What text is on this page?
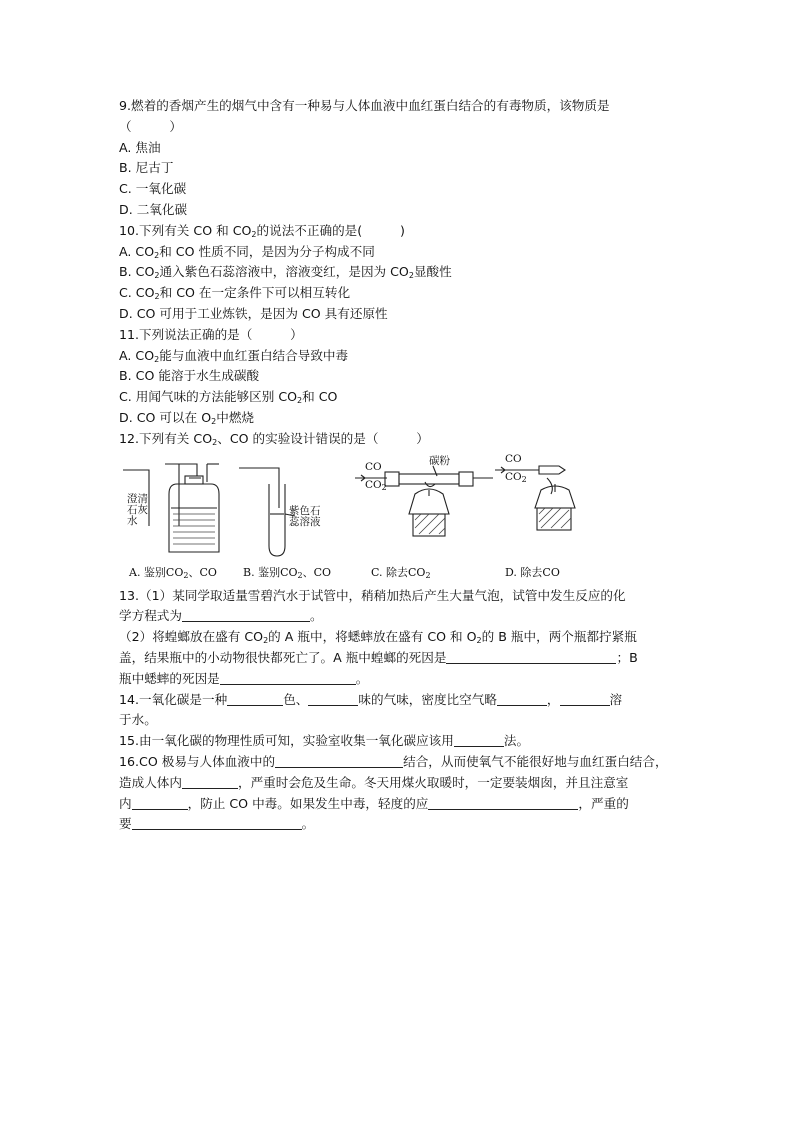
9.燃着的香烟产生的烟气中含有一种易与人体血液中血红蛋白结合的有毒物质，该物质是
（　　　）
A. 焦油
B. 尼古丁
C. 一氧化碳
D. 二氧化碳
10.下列有关 CO 和 $CO_2$的说法不正确的是(　　　)
A. $CO_2$和 CO 性质不同，是因为分子构成不同
B. $CO_2$通入紫色石蕊溶液中，溶液变红，是因为 $CO_2$显酸性
C. $CO_2$和 CO 在一定条件下可以相互转化
D. CO 可用于工业炼铁，是因为 CO 具有还原性
11.下列说法正确的是（　　　）
A. $CO_2$能与血液中血红蛋白结合导致中毒
B. CO 能溶于水生成碳酸
C. 用闻气味的方法能够区别 $CO_2$和 CO
D. CO 可以在 $O_2$中燃烧
12.下列有关 $CO_2$、CO 的实验设计错误的是（　　　）
澄清
石灰
水
紫色石
蕊溶液
碳粉
CO
$CO_2$
CO
$CO_2$
A. 鉴别$CO_2$、CO B. 鉴别$CO_2$、CO	C. 除去$CO_2$	D. 除去CO
13.（1）某同学取适量雪碧汽水于试管中，稍稍加热后产生大量气泡，试管中发生反应的化
学方程式为	。
（2）将蝗螂放在盛有 $CO_2$的 A 瓶中，将蟋蟀放在盛有 CO 和 $O_2$的 B 瓶中，两个瓶都拧紧瓶
盖，结果瓶中的小动物很快都死亡了。A 瓶中蝗螂的死因是	；B
瓶中蟋蟀的死因是	。
14.一氧化碳是一种	色、	味的气味，密度比空气略	，	溶
于水。
15.由一氧化碳的物理性质可知，实验室收集一氧化碳应该用	法。
16.CO 极易与人体血液中的	结合，从而使氧气不能很好地与血红蛋白结合，
造成人体内	，严重时会危及生命。冬天用煤火取暖时，一定要装烟囱，并且注意室
内	，防止 CO 中毒。如果发生中毒，轻度的应	，严重的
要	。
